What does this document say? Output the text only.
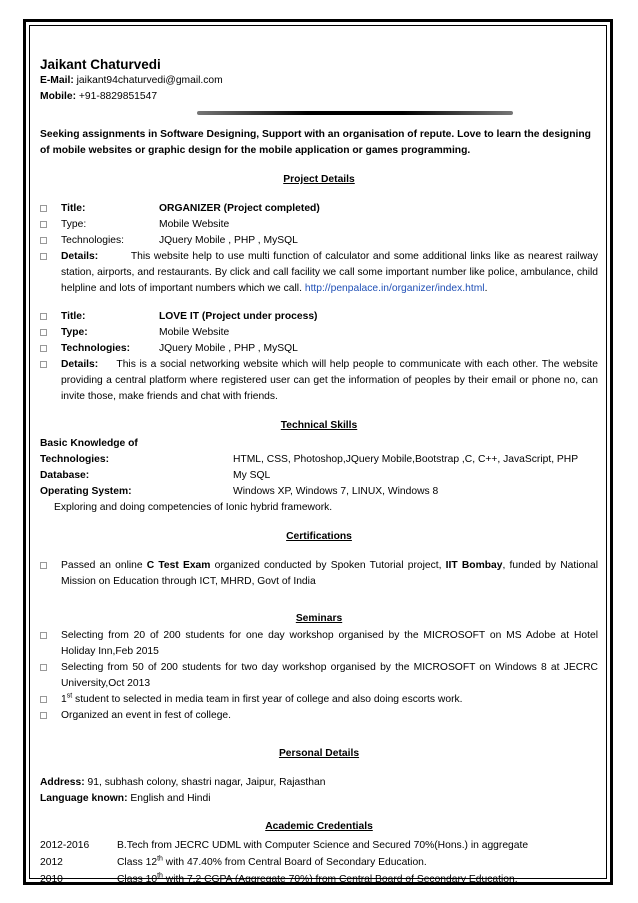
Jaikant Chaturvedi
E-Mail: jaikant94chaturvedi@gmail.com
Mobile: +91-8829851547
Seeking assignments in Software Designing, Support with an organisation of repute. Love to learn the designing of mobile websites or graphic design for the mobile application or games programming.
Project Details
Title:	ORGANIZER (Project completed)
Type:	Mobile Website
Technologies:	JQuery Mobile , PHP , MySQL
Details:	This website help to use multi function of calculator and some additional links like as nearest railway station, airports, and restaurants. By click and call facility we call some important number like police, ambulance, child helpline and lots of important numbers which we call. http://penpalace.in/organizer/index.html.
Title:	LOVE IT (Project under process)
Type:	Mobile Website
Technologies:	JQuery Mobile , PHP , MySQL
Details: This is a social networking website which will help people to communicate with each other. The website providing a central platform where registered user can get the information of peoples by their email or phone no, can invite those, make friends and chat with friends.
Technical Skills
Basic Knowledge of
Technologies:	HTML, CSS, Photoshop,JQuery Mobile,Bootstrap ,C, C++, JavaScript, PHP
Database:	My SQL
Operating System:	Windows XP, Windows 7, LINUX, Windows 8
Exploring and doing competencies of Ionic hybrid framework.
Certifications
Passed an online C Test Exam organized conducted by Spoken Tutorial project, IIT Bombay, funded by National Mission on Education through ICT, MHRD, Govt of India
Seminars
Selecting from 20 of 200 students for one day workshop organised by the MICROSOFT on MS Adobe at Hotel Holiday Inn,Feb 2015
Selecting from 50 of 200 students for two day workshop organised by the MICROSOFT on Windows 8 at JECRC University,Oct 2013
1st student to selected in media team in first year of college and also doing escorts work.
Organized an event in fest of college.
Personal Details
Address: 91, subhash colony, shastri nagar, Jaipur, Rajasthan
Language known: English and Hindi
Academic Credentials
2012-2016	B.Tech from JECRC UDML with Computer Science and Secured 70%(Hons.) in aggregate
2012	Class 12th with 47.40% from Central Board of Secondary Education.
2010	Class 10th with 7.2 CGPA (Aggregate 70%) from Central Board of Secondary Education.
